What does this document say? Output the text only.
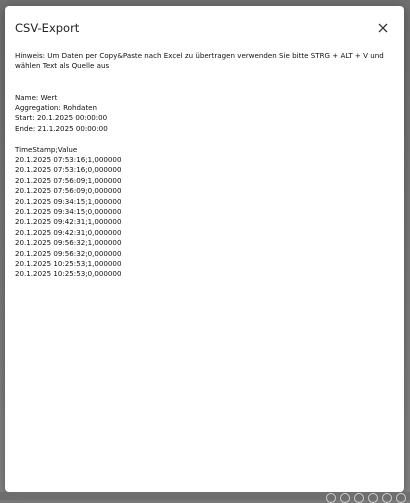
CSV-Export
Hinweis: Um Daten per Copy&Paste nach Excel zu übertragen verwenden Sie bitte STRG + ALT + V und wählen Text als Quelle aus
Name: Wert
Aggregation: Rohdaten
Start: 20.1.2025 00:00:00
Ende: 21.1.2025 00:00:00
TimeStamp;Value
20.1.2025 07:53:16;1,000000
20.1.2025 07:53:16;0,000000
20.1.2025 07:56:09;1,000000
20.1.2025 07:56:09;0,000000
20.1.2025 09:34:15;1,000000
20.1.2025 09:34:15;0,000000
20.1.2025 09:42:31;1,000000
20.1.2025 09:42:31;0,000000
20.1.2025 09:56:32;1,000000
20.1.2025 09:56:32;0,000000
20.1.2025 10:25:53;1,000000
20.1.2025 10:25:53;0,000000
